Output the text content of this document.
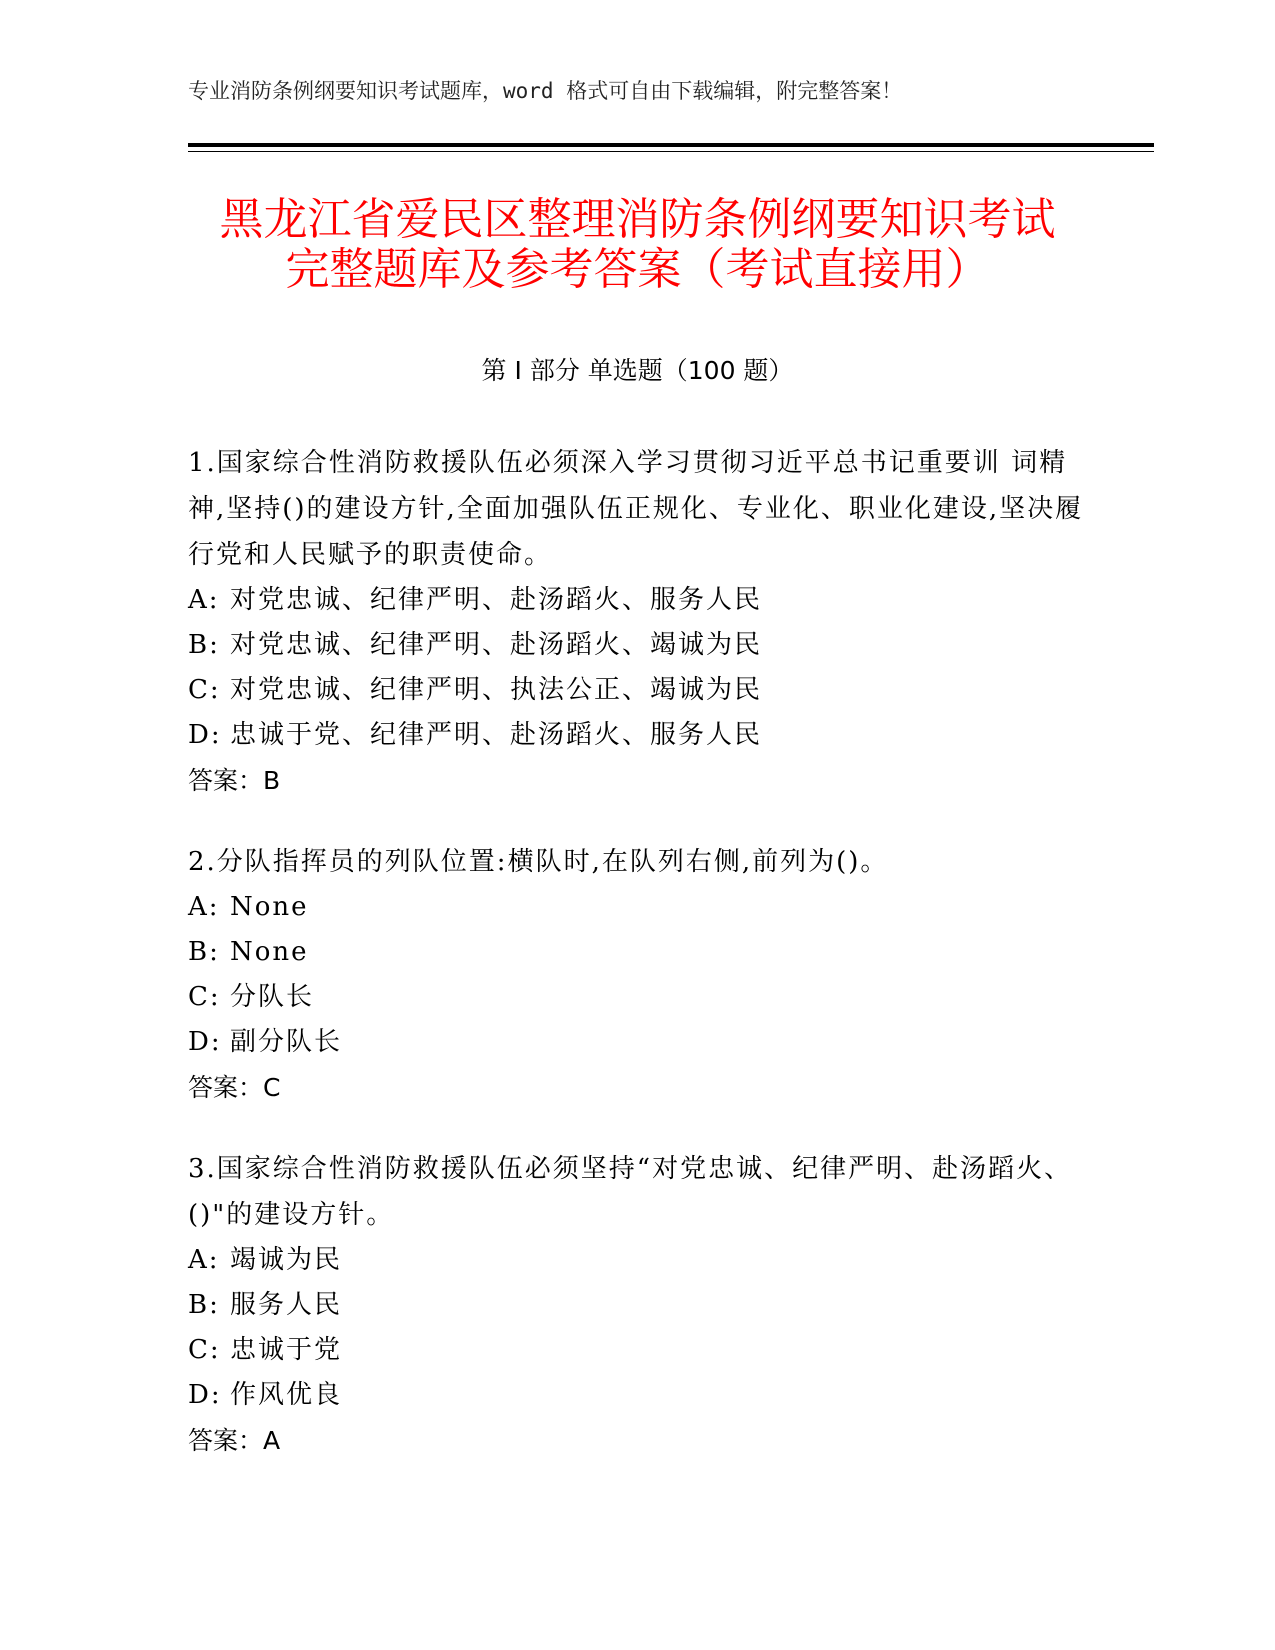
专业消防条例纲要知识考试题库，word 格式可自由下载编辑，附完整答案！
黑龙江省爱民区整理消防条例纲要知识考试
完整题库及参考答案（考试直接用）
第 I 部分 单选题（100 题）

1.国家综合性消防救援队伍必须深入学习贯彻习近平总书记重要训 词精神,坚持()的建设方针,全面加强队伍正规化、专业化、职业化建设,坚决履行党和人民赋予的职责使命。

A: 对党忠诚、纪律严明、赴汤蹈火、服务人民

B: 对党忠诚、纪律严明、赴汤蹈火、竭诚为民

C: 对党忠诚、纪律严明、执法公正、竭诚为民

D: 忠诚于党、纪律严明、赴汤蹈火、服务人民

答案：B

2.分队指挥员的列队位置:横队时,在队列右侧,前列为()。

A: None

B: None

C: 分队长

D: 副分队长

答案：C

3.国家综合性消防救援队伍必须坚持“对党忠诚、纪律严明、赴汤蹈火、()"的建设方针。

A: 竭诚为民

B: 服务人民

C: 忠诚于党

D: 作风优良

答案：A
